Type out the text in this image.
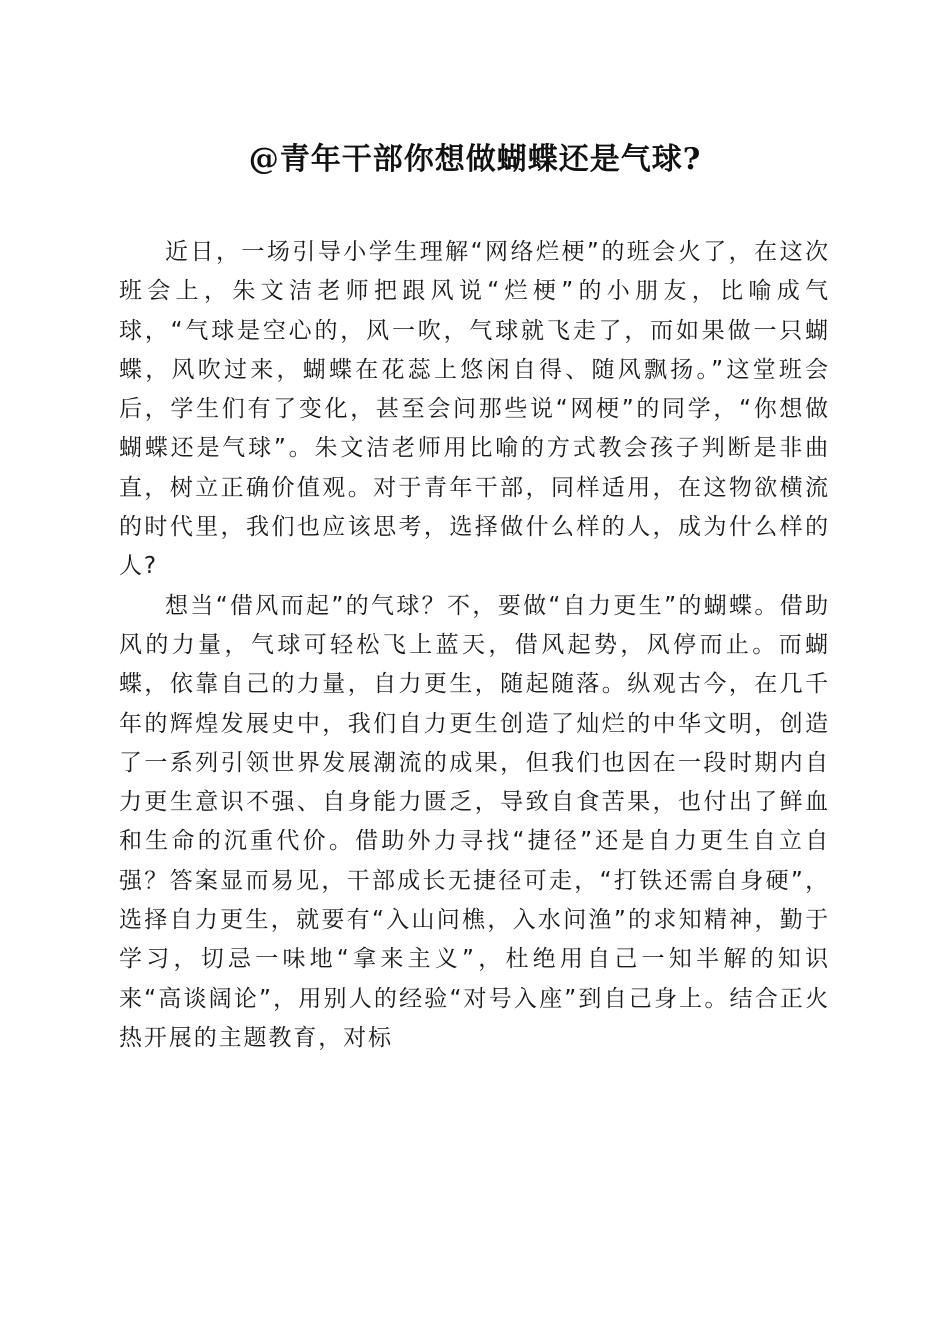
@青年干部你想做蝴蝶还是气球?

近日，一场引导小学生理解“网络烂梗”的班会火了，在这次班会上，朱文洁老师把跟风说“烂梗”的小朋友，比喻成气球，“气球是空心的，风一吹，气球就飞走了，而如果做一只蝴蝶，风吹过来，蝴蝶在花蕊上悠闲自得、随风飘扬。”这堂班会后，学生们有了变化，甚至会问那些说“网梗”的同学，“你想做蝴蝶还是气球”。朱文洁老师用比喻的方式教会孩子判断是非曲直，树立正确价值观。对于青年干部，同样适用，在这物欲横流的时代里，我们也应该思考，选择做什么样的人，成为什么样的人?

想当“借风而起”的气球？不，要做“自力更生”的蝴蝶。借助风的力量，气球可轻松飞上蓝天，借风起势，风停而止。而蝴蝶，依靠自己的力量，自力更生，随起随落。纵观古今，在几千年的辉煌发展史中，我们自力更生创造了灿烂的中华文明，创造了一系列引领世界发展潮流的成果，但我们也因在一段时期内自力更生意识不强、自身能力匮乏，导致自食苦果，也付出了鲜血和生命的沉重代价。借助外力寻找“捷径”还是自力更生自立自强？答案显而易见，干部成长无捷径可走，“打铁还需自身硬”，选择自力更生，就要有“入山问樵，入水问渔”的求知精神，勤于学习，切忌一味地“拿来主义”，杜绝用自己一知半解的知识来“高谈阔论”，用别人的经验“对号入座”到自己身上。结合正火热开展的主题教育，对标
